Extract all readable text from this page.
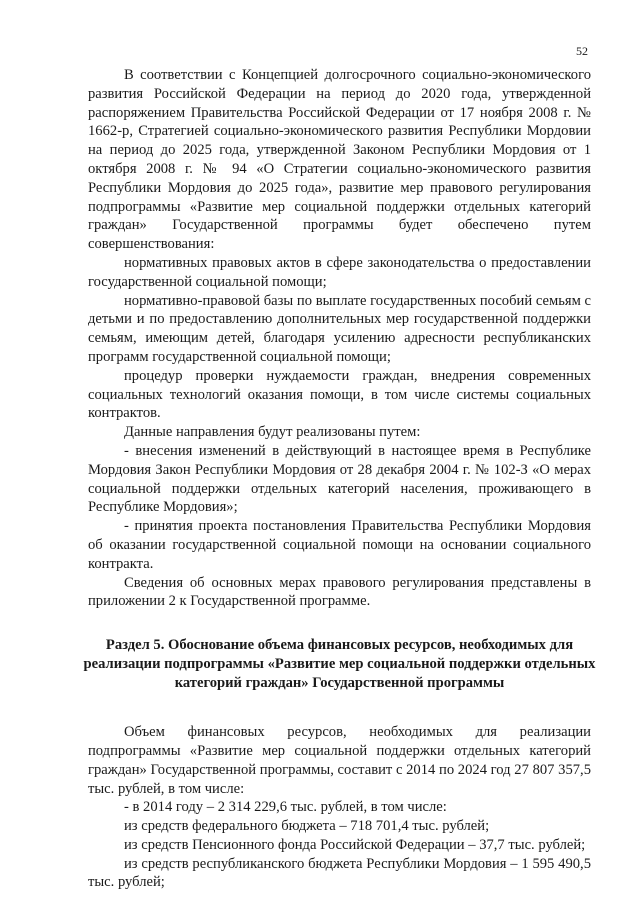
52

В соответствии с Концепцией долгосрочного социально-экономического развития Российской Федерации на период до 2020 года, утвержденной распоряжением Правительства Российской Федерации от 17 ноября 2008 г. № 1662-р, Стратегией социально-экономического развития Республики Мордовии на период до 2025 года, утвержденной Законом Республики Мордовия от 1 октября 2008 г. № 94 «О Стратегии социально-экономического развития Республики Мордовия до 2025 года», развитие мер правового регулирования подпрограммы «Развитие мер социальной поддержки отдельных категорий граждан» Государственной программы будет обеспечено путем совершенствования:

нормативных правовых актов в сфере законодательства о предоставлении государственной социальной помощи;

нормативно-правовой базы по выплате государственных пособий семьям с детьми и по предоставлению дополнительных мер государственной поддержки семьям, имеющим детей, благодаря усилению адресности республиканских программ государственной социальной помощи;

процедур проверки нуждаемости граждан, внедрения современных социальных технологий оказания помощи, в том числе системы социальных контрактов.

Данные направления будут реализованы путем:

- внесения изменений в действующий в настоящее время в Республике Мордовия Закон Республики Мордовия от 28 декабря 2004 г. № 102-З «О мерах социальной поддержки отдельных категорий населения, проживающего в Республике Мордовия»;

- принятия проекта постановления Правительства Республики Мордовия об оказании государственной социальной помощи на основании социального контракта.

Сведения об основных мерах правового регулирования представлены в приложении 2 к Государственной программе.

Раздел 5. Обоснование объема финансовых ресурсов, необходимых для реализации подпрограммы «Развитие мер социальной поддержки отдельных категорий граждан» Государственной программы

Объем финансовых ресурсов, необходимых для реализации подпрограммы «Развитие мер социальной поддержки отдельных категорий граждан» Государственной программы, составит с 2014 по 2024 год 27 807 357,5 тыс. рублей, в том числе:

- в 2014 году – 2 314 229,6 тыс. рублей, в том числе:

из средств федерального бюджета – 718 701,4 тыс. рублей;

из средств Пенсионного фонда Российской Федерации – 37,7 тыс. рублей;

из средств республиканского бюджета Республики Мордовия – 1 595 490,5 тыс. рублей;
